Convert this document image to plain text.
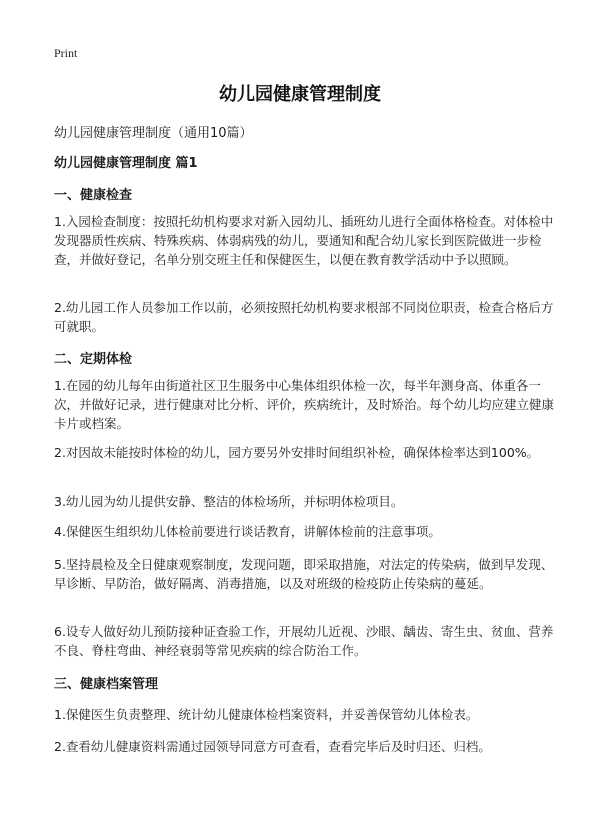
Print
幼儿园健康管理制度

幼儿园健康管理制度（通用10篇）

幼儿园健康管理制度 篇1
一、健康检查

1.入园检查制度：按照托幼机构要求对新入园幼儿、插班幼儿进行全面体格检查。对体检中发现器质性疾病、特殊疾病、体弱病残的幼儿，要通知和配合幼儿家长到医院做进一步检查，并做好登记，名单分别交班主任和保健医生，以便在教育教学活动中予以照顾。

2.幼儿园工作人员参加工作以前，必须按照托幼机构要求根部不同岗位职责，检查合格后方可就职。

二、定期体检

1.在园的幼儿每年由街道社区卫生服务中心集体组织体检一次，每半年测身高、体重各一次，并做好记录，进行健康对比分析、评价，疾病统计，及时矫治。每个幼儿均应建立健康卡片或档案。

2.对因故未能按时体检的幼儿，园方要另外安排时间组织补检，确保体检率达到100%。

3.幼儿园为幼儿提供安静、整洁的体检场所，并标明体检项目。

4.保健医生组织幼儿体检前要进行谈话教育，讲解体检前的注意事项。

5.坚持晨检及全日健康观察制度，发现问题，即采取措施，对法定的传染病，做到早发现、早诊断、早防治，做好隔离、消毒措施，以及对班级的检疫防止传染病的蔓延。

6.设专人做好幼儿预防接种证查验工作，开展幼儿近视、沙眼、龋齿、寄生虫、贫血、营养不良、脊柱弯曲、神经衰弱等常见疾病的综合防治工作。

三、健康档案管理

1.保健医生负责整理、统计幼儿健康体检档案资料，并妥善保管幼儿体检表。

2.查看幼儿健康资料需通过园领导同意方可查看，查看完毕后及时归还、归档。
